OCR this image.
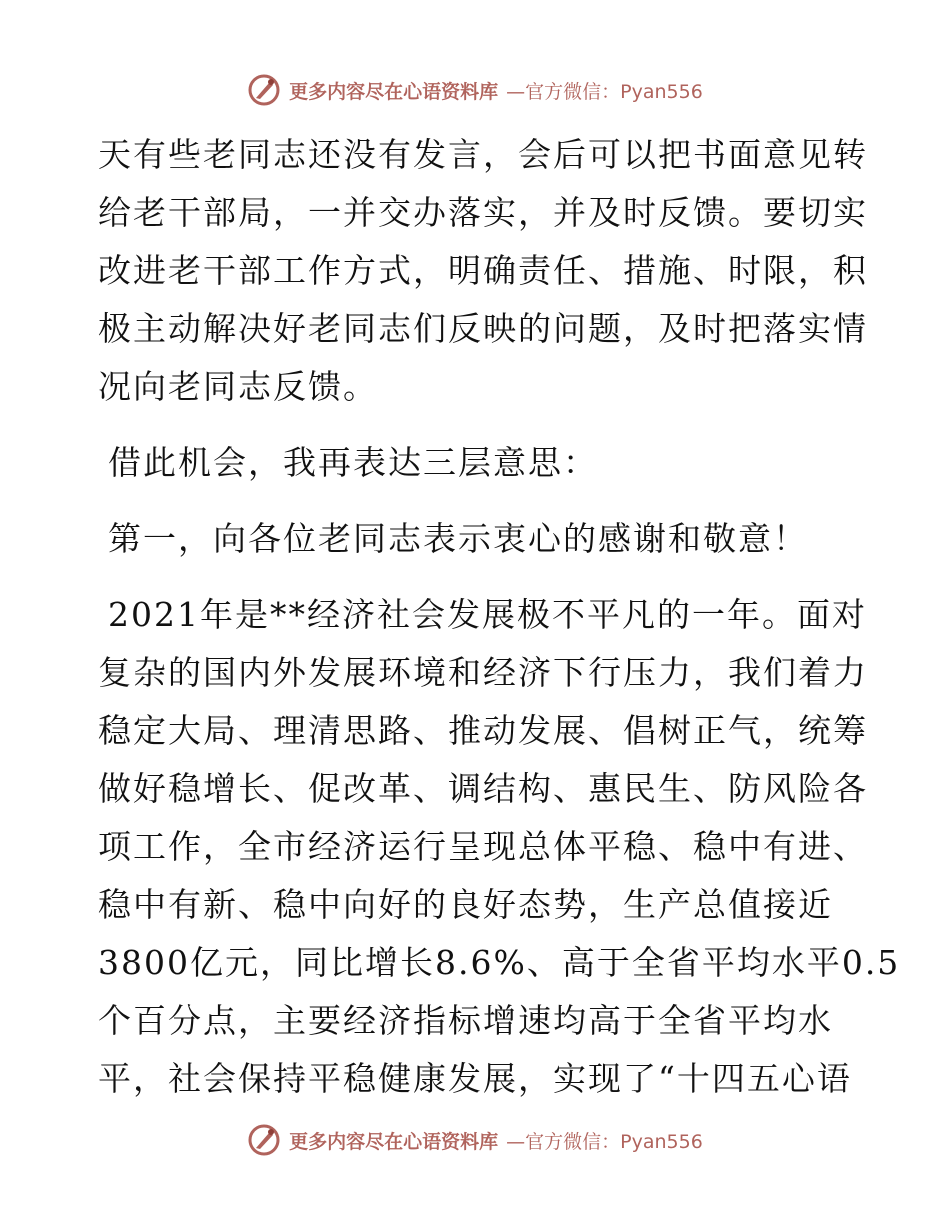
更多内容尽在心语资料库 —官方微信：Pyan556
天有些老同志还没有发言，会后可以把书面意见转
给老干部局，一并交办落实，并及时反馈。要切实
改进老干部工作方式，明确责任、措施、时限，积
极主动解决好老同志们反映的问题，及时把落实情
况向老同志反馈。
借此机会，我再表达三层意思：
第一，向各位老同志表示衷心的感谢和敬意！
2021年是**经济社会发展极不平凡的一年。面对
复杂的国内外发展环境和经济下行压力，我们着力
稳定大局、理清思路、推动发展、倡树正气，统筹
做好稳增长、促改革、调结构、惠民生、防风险各
项工作，全市经济运行呈现总体平稳、稳中有进、
稳中有新、稳中向好的良好态势，生产总值接近
3800亿元，同比增长8.6%、高于全省平均水平0.5
个百分点，主要经济指标增速均高于全省平均水
平，社会保持平稳健康发展，实现了“十四五心语
更多内容尽在心语资料库 —官方微信：Pyan556
